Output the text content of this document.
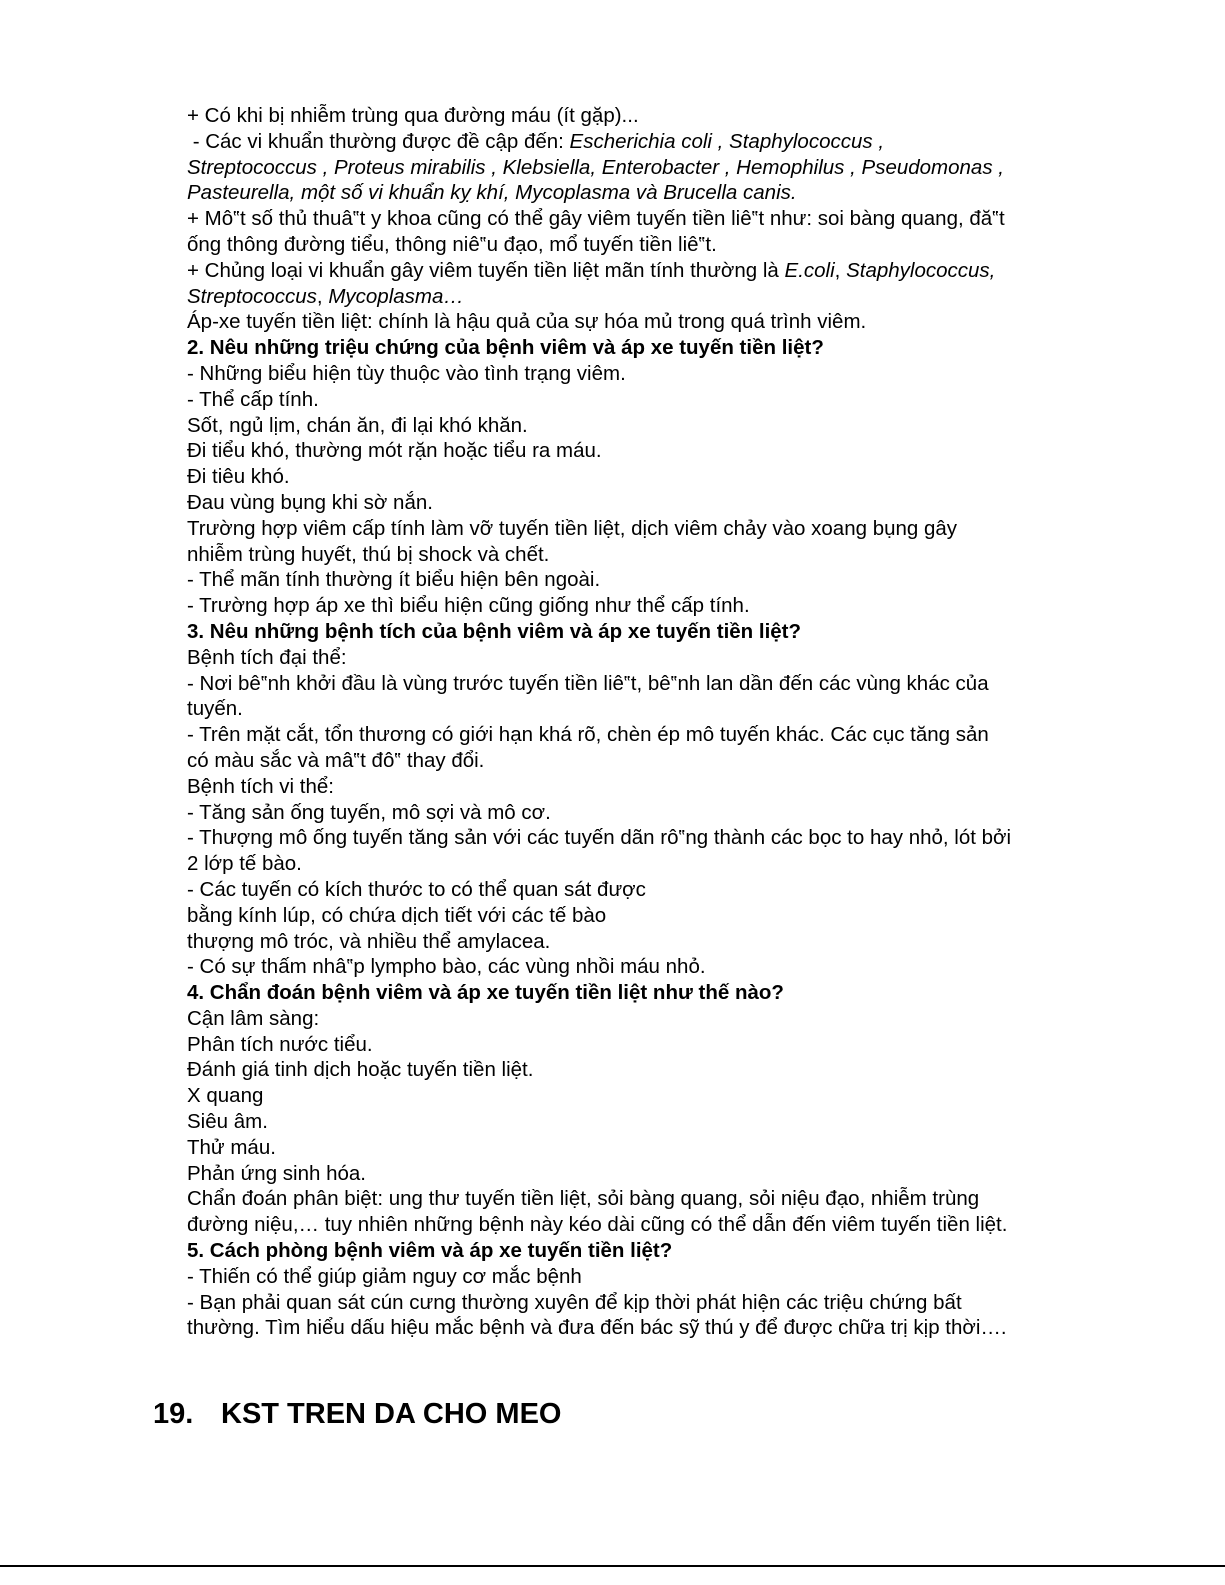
+ Có khi bị nhiễm trùng qua đường máu (ít gặp)...

- Các vi khuẩn thường được đề cập đến: Escherichia coli , Staphylococcus ,

Streptococcus , Proteus mirabilis , Klebsiella, Enterobacter , Hemophilus , Pseudomonas ,

Pasteurella, một số vi khuẩn kỵ khí, Mycoplasma và Brucella canis.

+ Mô‟t số thủ thuâ‟t y khoa cũng có thể gây viêm tuyến tiền liê‟t như: soi bàng quang, đă‟t

ống thông đường tiểu, thông niê‟u đạo, mổ tuyến tiền liê‟t.

+ Chủng loại vi khuẩn gây viêm tuyến tiền liệt mãn tính thường là E.coli, Staphylococcus,

Streptococcus, Mycoplasma…

Áp-xe tuyến tiền liệt: chính là hậu quả của sự hóa mủ trong quá trình viêm.

2. Nêu những triệu chứng của bệnh viêm và áp xe tuyến tiền liệt?

- Những biểu hiện tùy thuộc vào tình trạng viêm.

- Thể cấp tính.

Sốt, ngủ lịm, chán ăn, đi lại khó khăn.

Đi tiểu khó, thường mót rặn hoặc tiểu ra máu.

Đi tiêu khó.

Đau vùng bụng khi sờ nắn.

Trường hợp viêm cấp tính làm vỡ tuyến tiền liệt, dịch viêm chảy vào xoang bụng gây

nhiễm trùng huyết, thú bị shock và chết.

- Thể mãn tính thường ít biểu hiện bên ngoài.

- Trường hợp áp xe thì biểu hiện cũng giống như thể cấp tính.

3. Nêu những bệnh tích của bệnh viêm và áp xe tuyến tiền liệt?

Bệnh tích đại thể:

- Nơi bê‟nh khởi đầu là vùng trước tuyến tiền liê‟t, bê‟nh lan dần đến các vùng khác của

tuyến.

- Trên mặt cắt, tổn thương có giới hạn khá rõ, chèn ép mô tuyến khác. Các cục tăng sản

có màu sắc và mâ‟t đô‟ thay đổi.

Bệnh tích vi thể:

- Tăng sản ống tuyến, mô sợi và mô cơ.

- Thượng mô ống tuyến tăng sản với các tuyến dãn rô‟ng thành các bọc to hay nhỏ, lót bởi

2 lớp tế bào.

- Các tuyến có kích thước to có thể quan sát được

bằng kính lúp, có chứa dịch tiết với các tế bào

thượng mô tróc, và nhiều thể amylacea.

- Có sự thấm nhâ‟p lympho bào, các vùng nhồi máu nhỏ.

4. Chẩn đoán bệnh viêm và áp xe tuyến tiền liệt như thế nào?

Cận lâm sàng:

Phân tích nước tiểu.

Đánh giá tinh dịch hoặc tuyến tiền liệt.

X quang

Siêu âm.

Thử máu.

Phản ứng sinh hóa.

Chẩn đoán phân biệt: ung thư tuyến tiền liệt, sỏi bàng quang, sỏi niệu đạo, nhiễm trùng

đường niệu,… tuy nhiên những bệnh này kéo dài cũng có thể dẫn đến viêm tuyến tiền liệt.

5. Cách phòng bệnh viêm và áp xe tuyến tiền liệt?

- Thiến có thể giúp giảm nguy cơ mắc bệnh

- Bạn phải quan sát cún cưng thường xuyên để kịp thời phát hiện các triệu chứng bất

thường. Tìm hiểu dấu hiệu mắc bệnh và đưa đến bác sỹ thú y để được chữa trị kịp thời….

19. KST TREN DA CHO MEO
